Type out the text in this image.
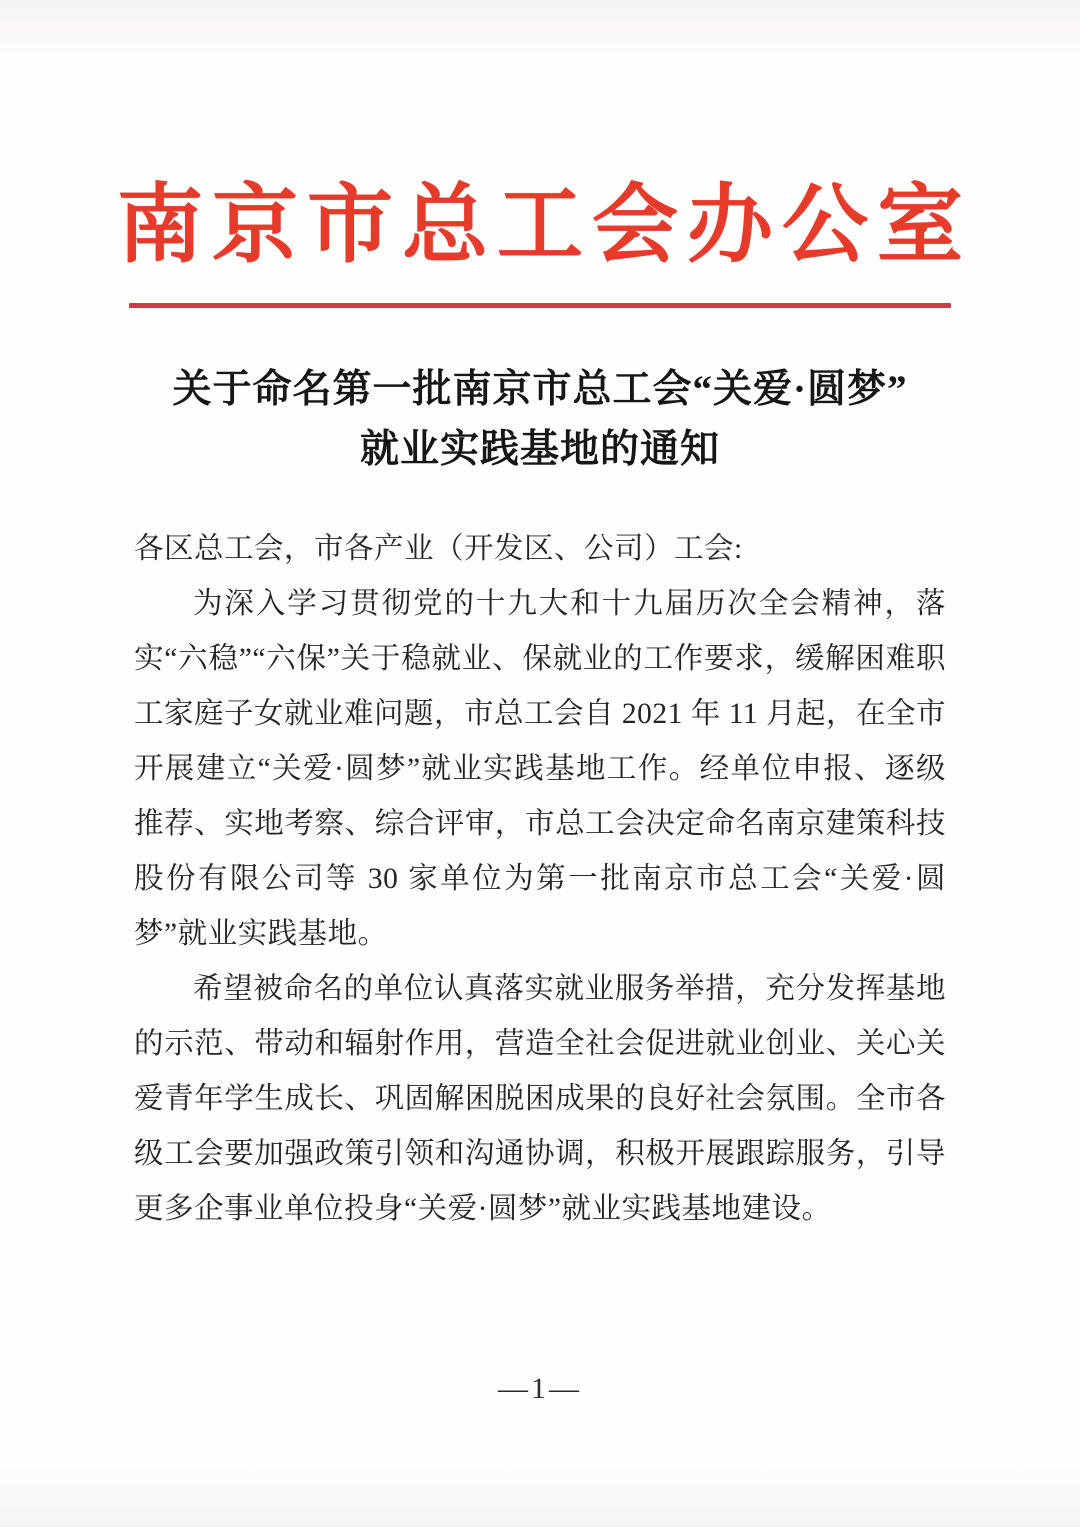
南京市总工会办公室
关于命名第一批南京市总工会“关爱·圆梦”
就业实践基地的通知

各区总工会，市各产业（开发区、公司）工会:

为深入学习贯彻党的十九大和十九届历次全会精神，落实“六稳”“六保”关于稳就业、保就业的工作要求，缓解困难职工家庭子女就业难问题，市总工会自 2021 年 11 月起，在全市开展建立“关爱·圆梦”就业实践基地工作。经单位申报、逐级推荐、实地考察、综合评审，市总工会决定命名南京建策科技股份有限公司等 30 家单位为第一批南京市总工会“关爱·圆梦”就业实践基地。

希望被命名的单位认真落实就业服务举措，充分发挥基地的示范、带动和辐射作用，营造全社会促进就业创业、关心关爱青年学生成长、巩固解困脱困成果的良好社会氛围。全市各级工会要加强政策引领和沟通协调，积极开展跟踪服务，引导更多企事业单位投身“关爱·圆梦”就业实践基地建设。

—1—
